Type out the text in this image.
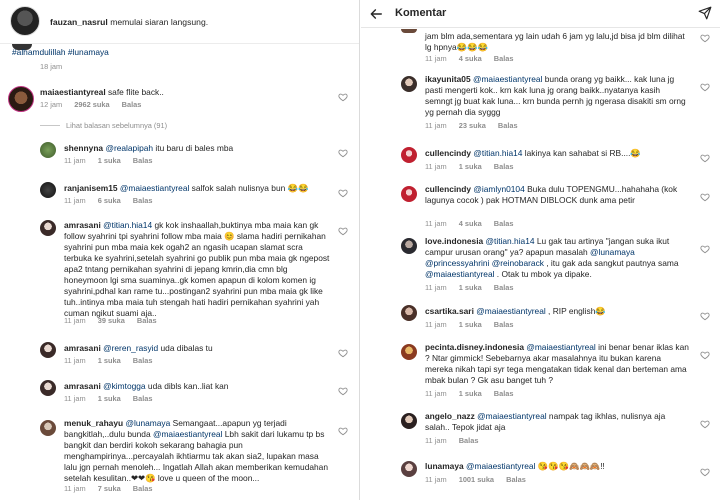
fauzan_nasrul memulai siaran langsung.
#alhamdulillah #lunamaya
18 jam
maiaestiantyreal safe flite back..
12 jam 2962 suka Balas
Lihat balasan sebelumnya (91)
shennyna @realapipah itu baru di bales mba
11 jam 1 suka Balas
ranjanisem15 @maiaestiantyreal salfok salah nulisnya bun 😂😂
11 jam 6 suka Balas
amrasani @titian.hia14 gk kok inshaallah,buktinya mba maia kan gk follow syahrini tpi syahrini follow mba maia 😊 slama hadiri pernikahan syahrini pun mba maia kek ogah2 an ngasih ucapan slamat scra terbuka ke syahrini,setelah syahrini go publik pun mba maia gk ngepost apa2 tntang pernikahan syahrini di jepang kmrin,dia cmn blg honeymoon lgi sma suaminya..gk komen apapun di kolom komen ig syahrini,pdhal kan rame tu...postingan2 syahrini pun mba maia gk like tuh..intinya mba maia tuh stengah hati hadiri pernikahan syahrini yah cuman ngikut suami aja..
11 jam 39 suka Balas
amrasani @reren_rasyid uda dibalas tu
11 jam 1 suka Balas
amrasani @kimtogga uda dibls kan..liat kan
11 jam 1 suka Balas
menuk_rahayu @lunamaya Semangaat...apapun yg terjadi bangkitlah,..dulu bunda @maiaestiantyreal Lbh sakit dari lukamu tp bs bangkit dan berdiri kokoh sekarang bahagia pun menghampirinya...percayalah ikhtiarmu tak akan sia2, lupakan masa lalu jgn pernah menoleh... Ingatlah Allah akan memberikan kemudahan setelah kesulitan..❤❤😘 love u queen of the moon...
11 jam 7 suka Balas
Komentar
jam blm ada,sementara yg lain udah 6 jam yg lalu,jd bisa jd blm dilihat lg hpnya😂😂😂
11 jam 4 suka Balas
ikayunita05 @maiaestiantyreal bunda orang yg baikk... kak luna jg pasti mengerti kok.. krn kak luna jg orang baikk..nyatanya kasih semngt jg buat kak luna... krn bunda pernh jg ngerasa disakiti sm orng yg pernah dia syggg
11 jam 23 suka Balas
cullencindy @titian.hia14 lakinya kan sahabat si RB....😂
11 jam 1 suka Balas
cullencindy @iamlyn0104 Buka dulu TOPENGMU...hahahaha (kok lagunya cocok ) pak HOTMAN DIBLOCK dunk ama petir
11 jam 4 suka Balas
love.indonesia @titian.hia14 Lu gak tau artinya "jangan suka ikut campur urusan orang" ya? apapun masalah @lunamaya @princessyahrini @reinobarack , itu gak ada sangkut pautnya sama @maiaestiantyreal . Otak tu mbok ya dipake.
11 jam 1 suka Balas
csartika.sari @maiaestiantyreal , RIP english😂
11 jam 1 suka Balas
pecinta.disney.indonesia @maiaestiantyreal ini benar benar iklas kan ? Ntar gimmick! Sebebarnya akar masalahnya itu bukan karena mereka nikah tapi syr tega mengatakan tidak kenal dan berteman ama mbak bulan ? Gk asu banget tuh ?
11 jam 1 suka Balas
angelo_nazz @maiaestiantyreal nampak tag ikhlas, nulisnya aja salah.. Tepok jidat aja
11 jam Balas
lunamaya @maiaestiantyreal 😘😘😘🙈🙈🙈‼
11 jam 1001 suka Balas
